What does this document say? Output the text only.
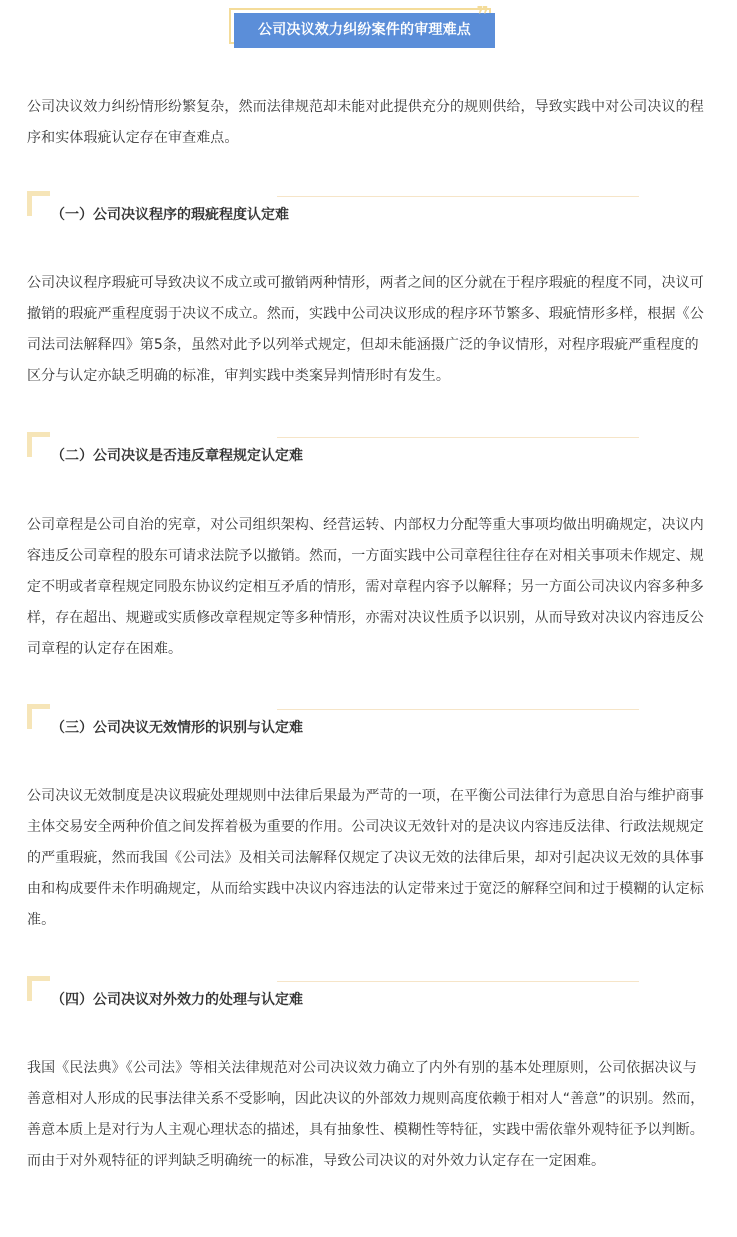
公司决议效力纠纷案件的审理难点
❞

公司决议效力纠纷情形纷繁复杂，然而法律规范却未能对此提供充分的规则供给，导致实践中对公司决议的程序和实体瑕疵认定存在审查难点。

（一）公司决议程序的瑕疵程度认定难

公司决议程序瑕疵可导致决议不成立或可撤销两种情形，两者之间的区分就在于程序瑕疵的程度不同，决议可撤销的瑕疵严重程度弱于决议不成立。然而，实践中公司决议形成的程序环节繁多、瑕疵情形多样，根据《公司法司法解释四》第5条，虽然对此予以列举式规定，但却未能涵摄广泛的争议情形，对程序瑕疵严重程度的区分与认定亦缺乏明确的标准，审判实践中类案异判情形时有发生。

（二）公司决议是否违反章程规定认定难

公司章程是公司自治的宪章，对公司组织架构、经营运转、内部权力分配等重大事项均做出明确规定，决议内容违反公司章程的股东可请求法院予以撤销。然而，一方面实践中公司章程往往存在对相关事项未作规定、规定不明或者章程规定同股东协议约定相互矛盾的情形，需对章程内容予以解释；另一方面公司决议内容多种多样，存在超出、规避或实质修改章程规定等多种情形，亦需对决议性质予以识别，从而导致对决议内容违反公司章程的认定存在困难。

（三）公司决议无效情形的识别与认定难

公司决议无效制度是决议瑕疵处理规则中法律后果最为严苛的一项，在平衡公司法律行为意思自治与维护商事主体交易安全两种价值之间发挥着极为重要的作用。公司决议无效针对的是决议内容违反法律、行政法规规定的严重瑕疵，然而我国《公司法》及相关司法解释仅规定了决议无效的法律后果，却对引起决议无效的具体事由和构成要件未作明确规定，从而给实践中决议内容违法的认定带来过于宽泛的解释空间和过于模糊的认定标准。

（四）公司决议对外效力的处理与认定难

我国《民法典》《公司法》等相关法律规范对公司决议效力确立了内外有别的基本处理原则，公司依据决议与善意相对人形成的民事法律关系不受影响，因此决议的外部效力规则高度依赖于相对人“善意”的识别。然而，善意本质上是对行为人主观心理状态的描述，具有抽象性、模糊性等特征，实践中需依靠外观特征予以判断。而由于对外观特征的评判缺乏明确统一的标准，导致公司决议的对外效力认定存在一定困难。
